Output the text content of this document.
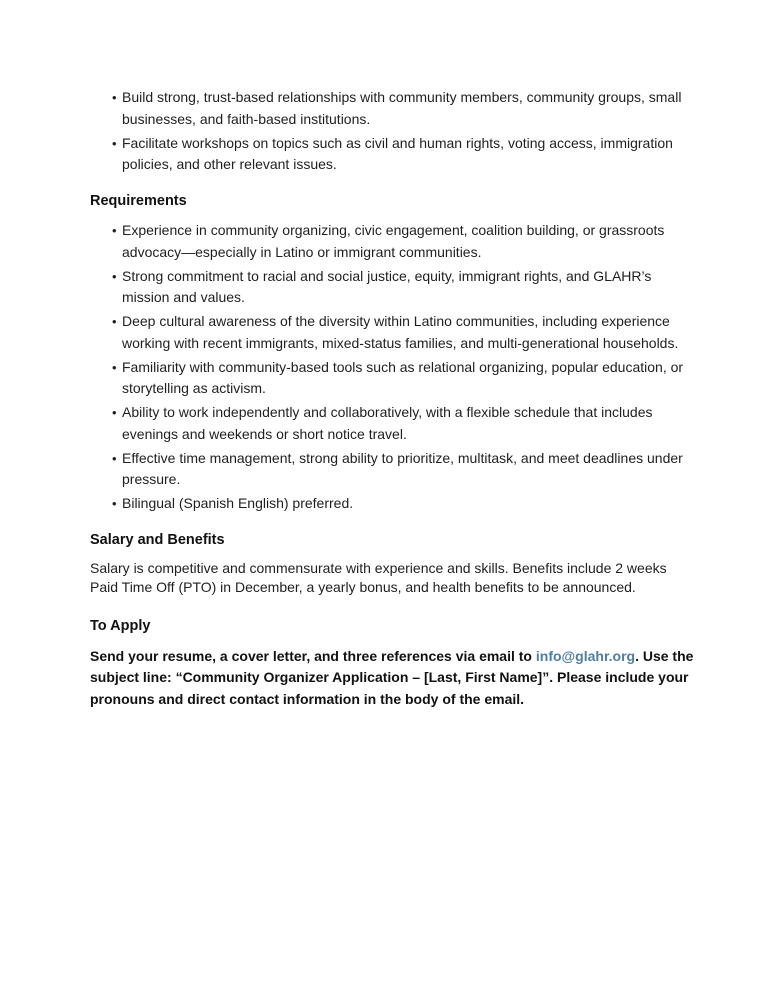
•
Build strong, trust-based relationships with community members, community groups, small businesses, and faith-based institutions.
•
Facilitate workshops on topics such as civil and human rights, voting access, immigration policies, and other relevant issues.
Requirements
•
Experience in community organizing, civic engagement, coalition building, or grassroots advocacy—especially in Latino or immigrant communities.
•
Strong commitment to racial and social justice, equity, immigrant rights, and GLAHR’s mission and values.
•
Deep cultural awareness of the diversity within Latino communities, including experience working with recent immigrants, mixed-status families, and multi-generational households.
•
Familiarity with community-based tools such as relational organizing, popular education, or storytelling as activism.
•
Ability to work independently and collaboratively, with a flexible schedule that includes evenings and weekends or short notice travel.
•
Effective time management, strong ability to prioritize, multitask, and meet deadlines under pressure.
•
Bilingual (Spanish English) preferred.
Salary and Benefits

Salary is competitive and commensurate with experience and skills. Benefits include 2 weeks Paid Time Off (PTO) in December, a yearly bonus, and health benefits to be announced.

To Apply

Send your resume, a cover letter, and three references via email to info@glahr.org. Use the subject line: “Community Organizer Application – [Last, First Name]”. Please include your pronouns and direct contact information in the body of the email.
